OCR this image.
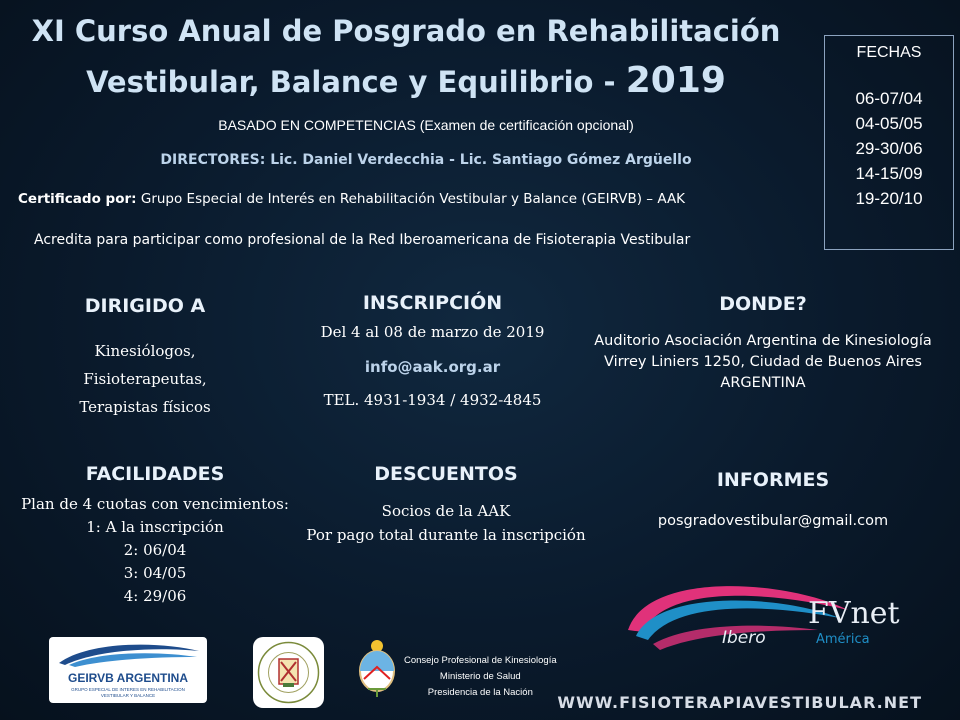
XI Curso Anual de Posgrado en Rehabilitación
Vestibular, Balance y Equilibrio - 2019
BASADO EN COMPETENCIAS (Examen de certificación opcional)
DIRECTORES: Lic. Daniel Verdecchia - Lic. Santiago Gómez Argüello
Certificado por: Grupo Especial de Interés en Rehabilitación Vestibular y Balance (GEIRVB) – AAK
Acredita para participar como profesional de la Red Iberoamericana de Fisioterapia Vestibular
FECHAS
06-07/04
04-05/05
29-30/06
14-15/09
19-20/10
DIRIGIDO A
Kinesiólogos,
Fisioterapeutas,
Terapistas físicos
INSCRIPCIÓN
Del 4 al 08 de marzo de 2019
info@aak.org.ar
TEL. 4931-1934 / 4932-4845
DONDE?
Auditorio Asociación Argentina de Kinesiología
Virrey Liniers 1250, Ciudad de Buenos Aires
ARGENTINA
FACILIDADES
Plan de 4 cuotas con vencimientos:
1: A la inscripción
2: 06/04
3: 04/05
4: 29/06
DESCUENTOS
Socios de la AAK
Por pago total durante la inscripción
INFORMES
posgradovestibular@gmail.com
FVnet
Ibero	América
GEIRVB ARGENTINA
GRUPO ESPECIAL DE INTERES EN REHABILITACION
VESTIBULAR Y BALANCE
Consejo Profesional de Kinesiología
Ministerio de Salud
Presidencia de la Nación
WWW.FISIOTERAPIAVESTIBULAR.NET
